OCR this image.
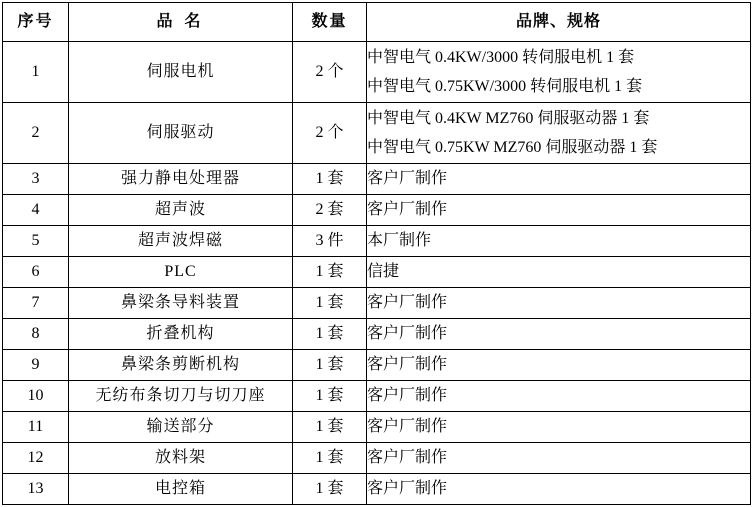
序号	品 名	数量	品牌、规格
1	伺服电机	2 个	中智电气 0.4KW/3000 转伺服电机 1 套
中智电气 0.75KW/3000 转伺服电机 1 套

2	伺服驱动	2 个	中智电气 0.4KW MZ760 伺服驱动器 1 套
中智电气 0.75KW MZ760 伺服驱动器 1 套

3	强力静电处理器	1 套	客户厂制作

4	超声波	2 套	客户厂制作

5	超声波焊磁	3 件	本厂制作

6	PLC	1 套	信捷

7	鼻梁条导料装置	1 套	客户厂制作

8	折叠机构	1 套	客户厂制作

9	鼻梁条剪断机构	1 套	客户厂制作

10	无纺布条切刀与切刀座	1 套	客户厂制作

11	输送部分	1 套	客户厂制作

12	放料架	1 套	客户厂制作

13	电控箱	1 套	客户厂制作
